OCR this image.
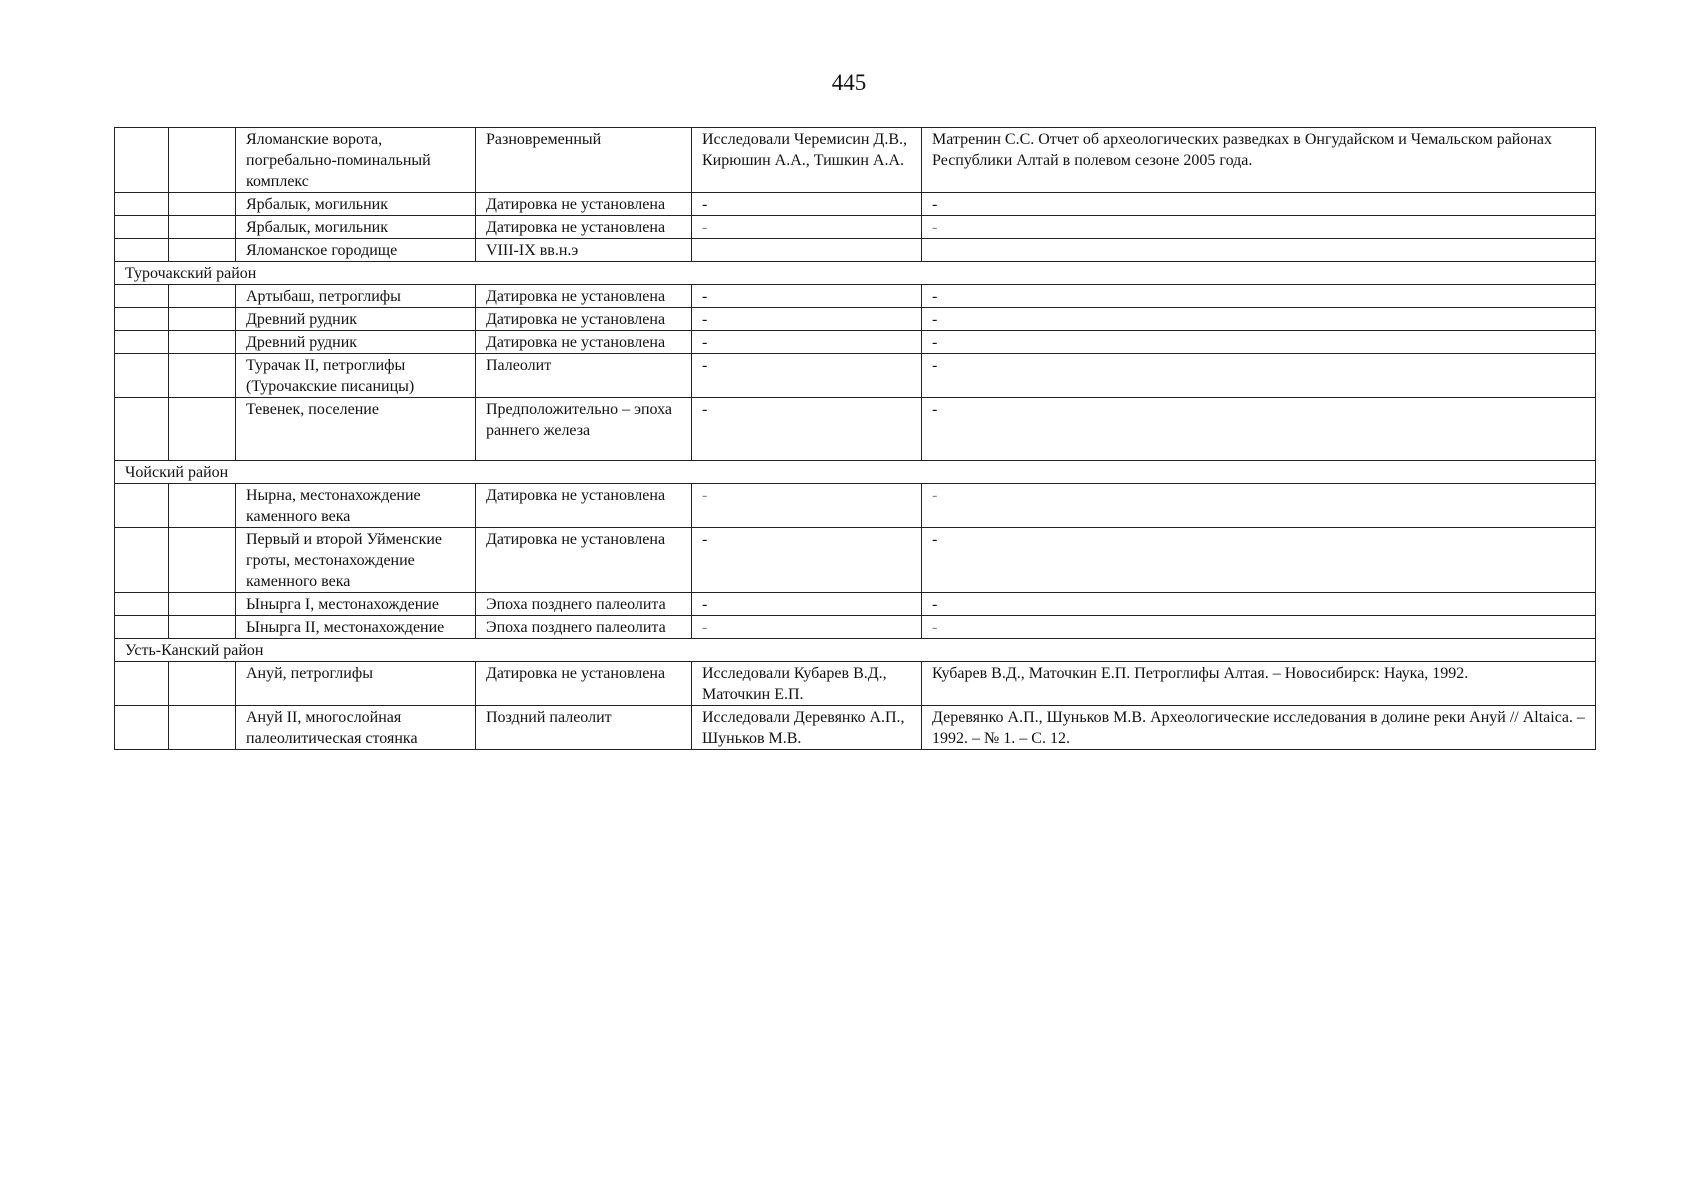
445
		Яломанские ворота, погребально-поминальный комплекс	Разновременный	Исследовали Черемисин Д.В., Кирюшин А.А., Тишкин А.А.	Матренин С.С. Отчет об археологических разведках в Онгудайском и Чемальском районах Республики Алтай в полевом сезоне 2005 года.
		Ярбалык, могильник	Датировка не установлена	-	-
		Ярбалык, могильник	Датировка не установлена	-	-
		Яломанское городище	VIII-IX вв.н.э		
Турочакский район					
		Артыбаш, петроглифы	Датировка не установлена	-	-
		Древний рудник	Датировка не установлена	-	-
		Древний рудник	Датировка не установлена	-	-
		Турачак II, петроглифы (Турочакские писаницы)	Палеолит	-	-
		Тевенек, поселение	Предположительно – эпоха раннего железа	-	-
Чойский район					
		Нырна, местонахождение каменного века	Датировка не установлена	-	-
		Первый и второй Уйменские гроты, местонахождение каменного века	Датировка не установлена	-	-
		Ынырга I, местонахождение	Эпоха позднего палеолита	-	-
		Ынырга II, местонахождение	Эпоха позднего палеолита	-	-
Усть-Канский район					
		Ануй, петроглифы	Датировка не установлена	Исследовали Кубарев В.Д., Маточкин Е.П.	Кубарев В.Д., Маточкин Е.П. Петроглифы Алтая. – Новосибирск: Наука, 1992.
		Ануй II, многослойная палеолитическая стоянка	Поздний палеолит	Исследовали Деревянко А.П., Шуньков М.В.	Деревянко А.П., Шуньков М.В. Археологические исследования в долине реки Ануй // Altaica. – 1992. – № 1. – С. 12.
